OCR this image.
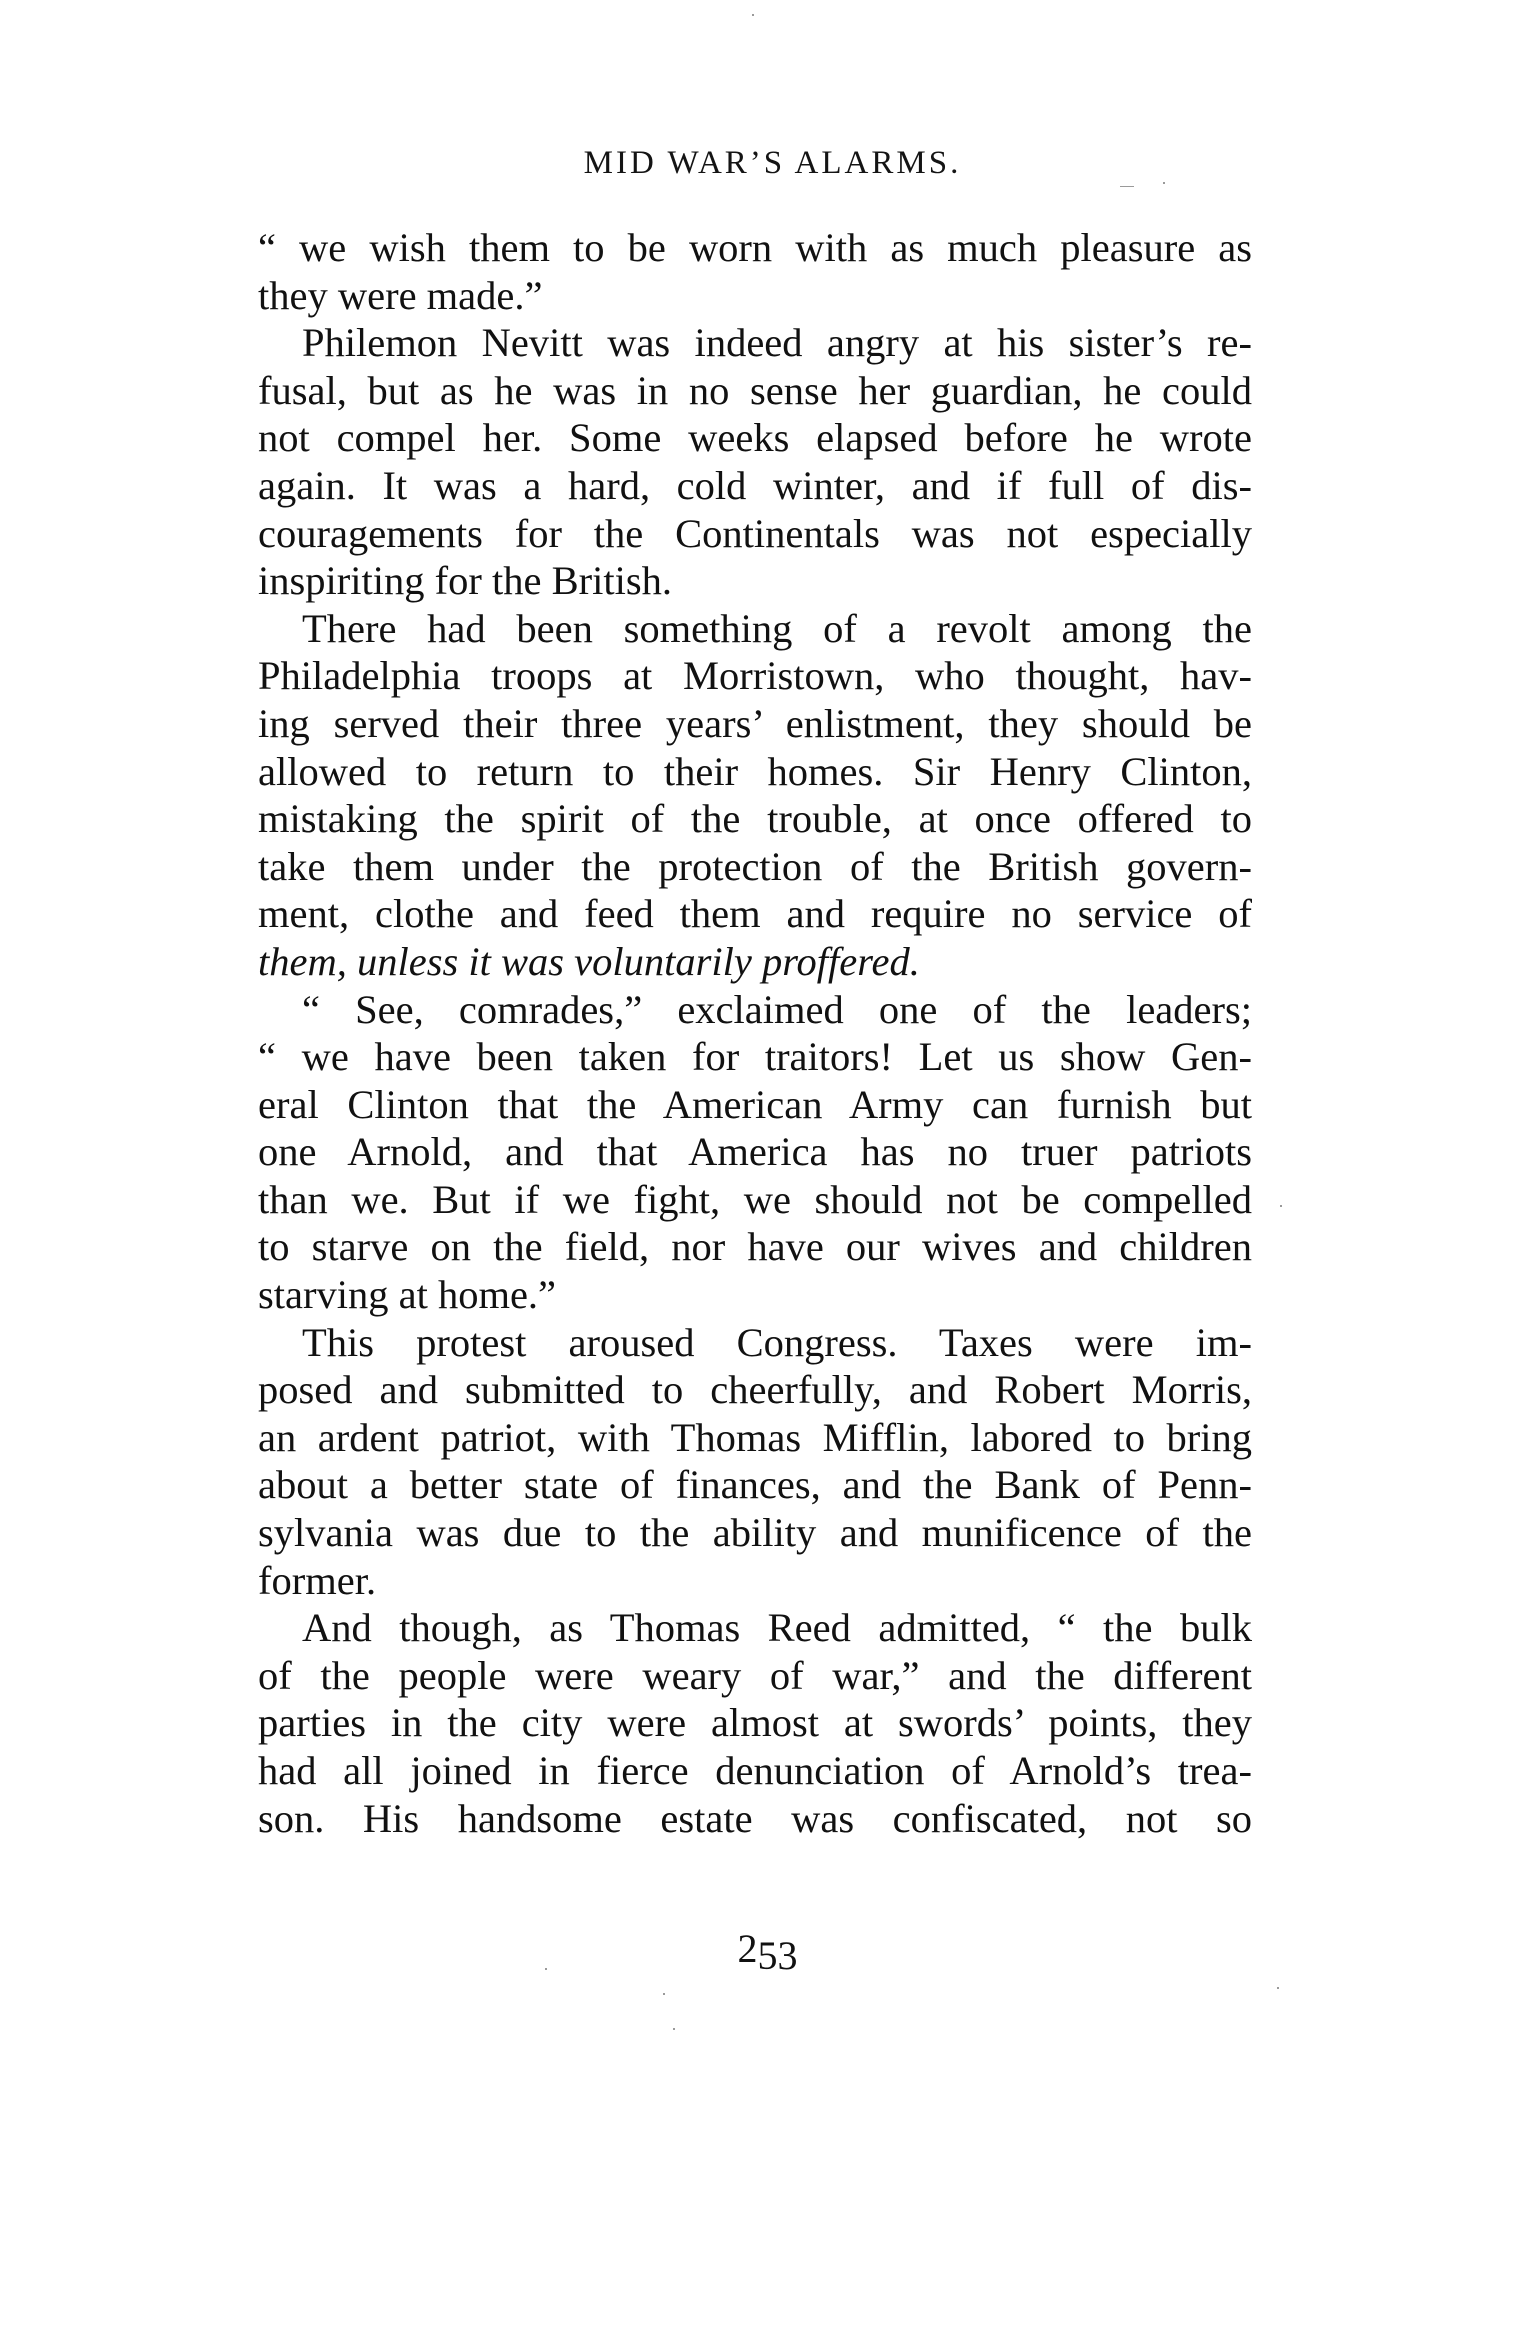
MID WAR’S ALARMS.
“ we wish them to be worn with as much pleasure as
they were made.”
Philemon Nevitt was indeed angry at his sister’s re-
fusal, but as he was in no sense her guardian, he could
not compel her. Some weeks elapsed before he wrote
again. It was a hard, cold winter, and if full of dis-
couragements for the Continentals was not especially
inspiriting for the British.
There had been something of a revolt among the
Philadelphia troops at Morristown, who thought, hav-
ing served their three years’ enlistment, they should be
allowed to return to their homes. Sir Henry Clinton,
mistaking the spirit of the trouble, at once offered to
take them under the protection of the British govern-
ment, clothe and feed them and require no service of
them, unless it was voluntarily proffered.
“ See, comrades,” exclaimed one of the leaders;
“ we have been taken for traitors! Let us show Gen-
eral Clinton that the American Army can furnish but
one Arnold, and that America has no truer patriots
than we. But if we fight, we should not be compelled
to starve on the field, nor have our wives and children
starving at home.”
This protest aroused Congress. Taxes were im-
posed and submitted to cheerfully, and Robert Morris,
an ardent patriot, with Thomas Mifflin, labored to bring
about a better state of finances, and the Bank of Penn-
sylvania was due to the ability and munificence of the
former.
And though, as Thomas Reed admitted, “ the bulk
of the people were weary of war,” and the different
parties in the city were almost at swords’ points, they
had all joined in fierce denunciation of Arnold’s trea-
son. His handsome estate was confiscated, not so
253
